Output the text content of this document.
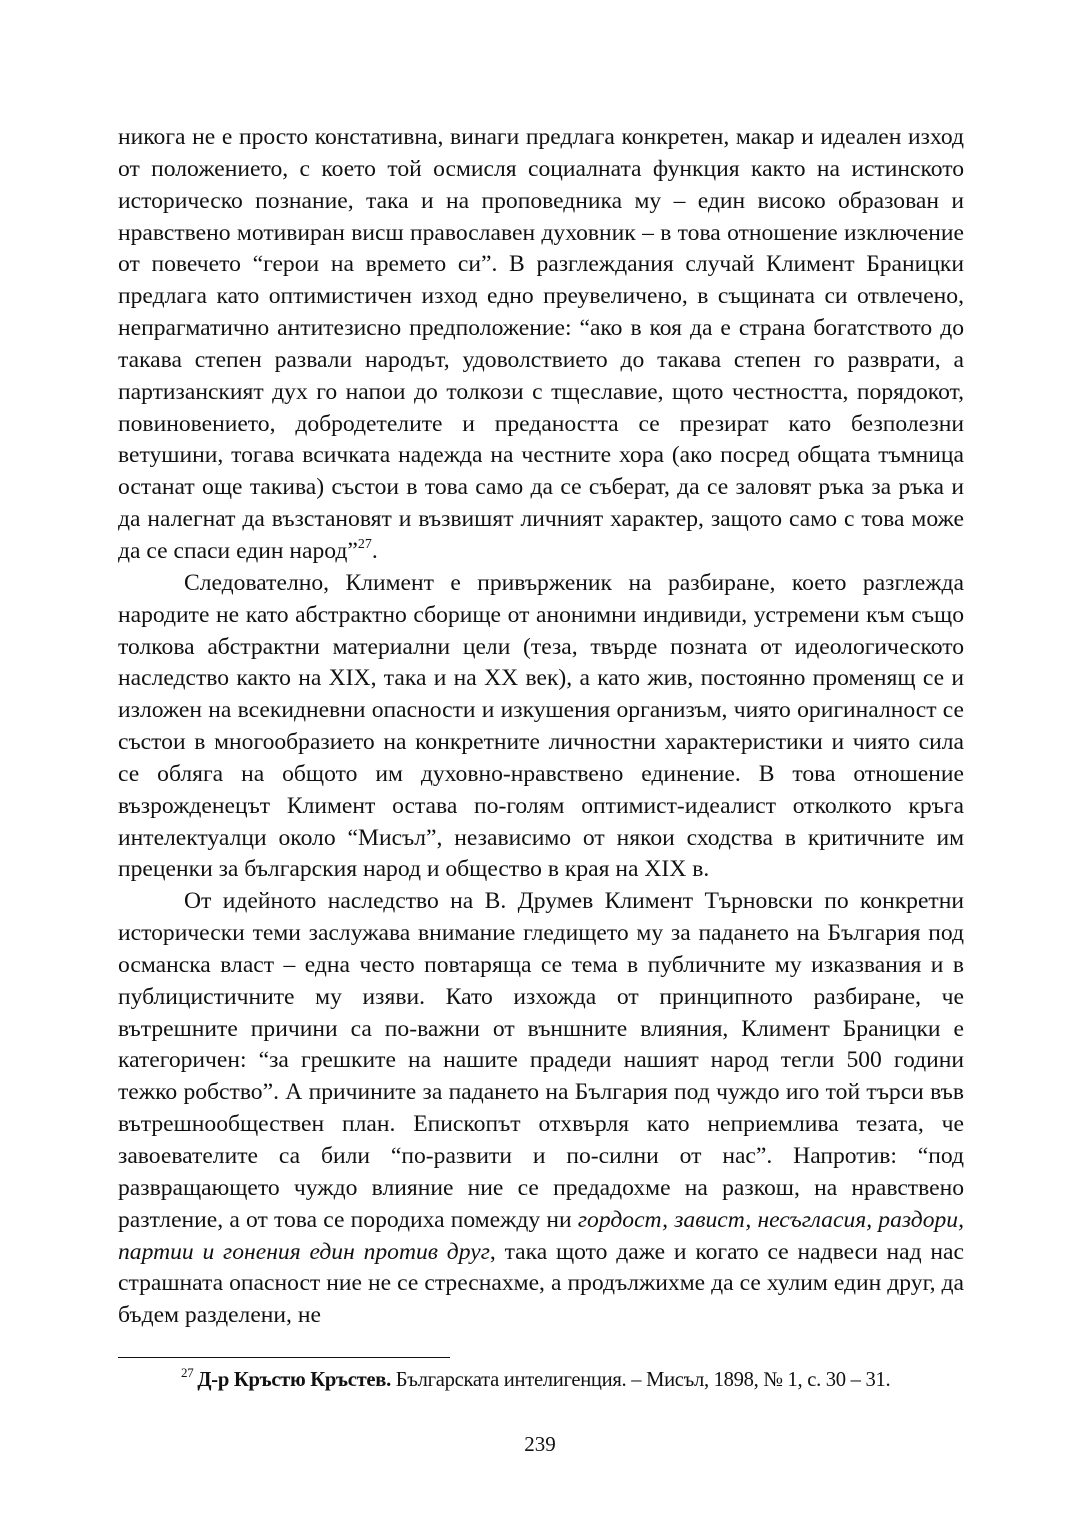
никога не е просто констативна, винаги предлага конкретен, макар и идеален изход от положението, с което той осмисля социалната функция както на истинското историческо познание, така и на проповедника му – един високо образован и нравствено мотивиран висш православен духовник – в това отношение изключение от повечето “герои на времето си”. В разглеждания случай Климент Браницки предлага като оптимистичен изход едно преувеличено, в същината си отвлечено, непрагматично антитезисно предположение: “ако в коя да е страна богатството до такава степен развали народът, удоволствието до такава степен го разврати, а партизанският дух го напои до толкози с тщеславие, щото честността, порядокот, повиновението, добродетелите и предаността се презират като безполезни ветушини, тогава всичката надежда на честните хора (ако посред общата тъмница останат още такива) състои в това само да се съберат, да се заловят ръка за ръка и да налегнат да възстановят и възвишят личният характер, защото само с това може да се спаси един народ”$^{27}$.

Следователно, Климент е привърженик на разбиране, което разглежда народите не като абстрактно сборище от анонимни индивиди, устремени към също толкова абстрактни материални цели (теза, твърде позната от идеологическото наследство както на XIX, така и на XX век), а като жив, постоянно променящ се и изложен на всекидневни опасности и изкушения организъм, чиято оригиналност се състои в многообразието на конкретните личностни характеристики и чиято сила се обляга на общото им духовно-нравствено единение. В това отношение възрожденецът Климент остава по-голям оптимист-идеалист отколкото кръга интелектуалци около “Мисъл”, независимо от някои сходства в критичните им преценки за българския народ и общество в края на XIX в.

От идейното наследство на В. Друмев Климент Търновски по конкретни исторически теми заслужава внимание гледището му за падането на България под османска власт – една често повтаряща се тема в публичните му изказвания и в публицистичните му изяви. Като изхожда от принципното разбиране, че вътрешните причини са по-важни от външните влияния, Климент Браницки е категоричен: “за грешките на нашите прадеди нашият народ тегли 500 години тежко робство”. А причините за падането на България под чуждо иго той търси във вътрешнообществен план. Епископът отхвърля като неприемлива тезата, че завоевателите са били “по-развити и по-силни от нас”. Напротив: “под развращающето чуждо влияние ние се предадохме на разкош, на нравствено разтление, а от това се породиха помежду ни гордост, завист, несъгласия, раздори, партии и гонения един против друг, така щото даже и когато се надвеси над нас страшната опасност ние не се стреснахме, а продължихме да се хулим един друг, да бъдем разделени, не

$^{27}$ Д-р Кръстю Кръстев. Българската интелигенция. – Мисъл, 1898, № 1, с. 30 – 31.
239
